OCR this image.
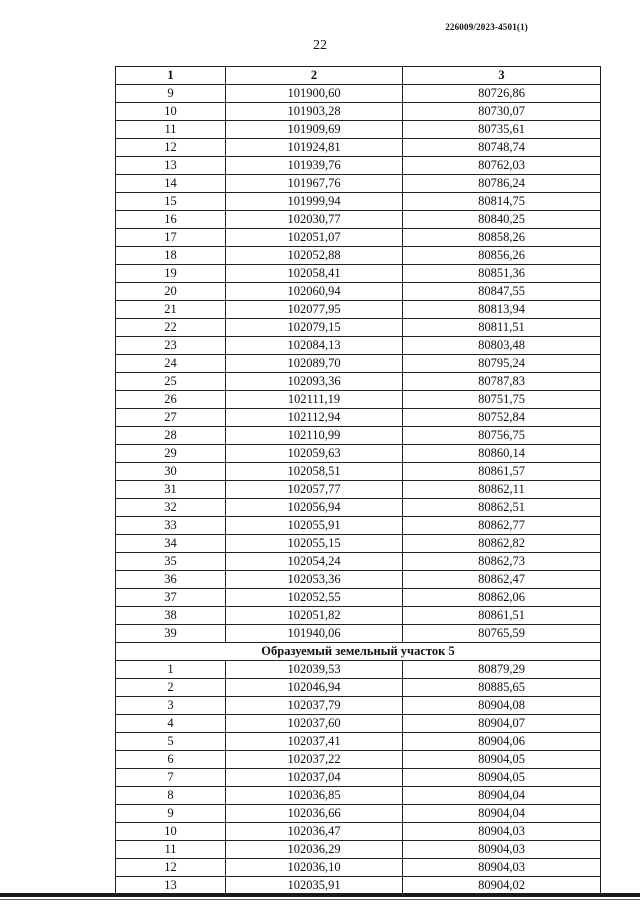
226009/2023-4501(1)
22
1	2	3
9	101900,60	80726,86
10	101903,28	80730,07
11	101909,69	80735,61
12	101924,81	80748,74
13	101939,76	80762,03
14	101967,76	80786,24
15	101999,94	80814,75
16	102030,77	80840,25
17	102051,07	80858,26
18	102052,88	80856,26
19	102058,41	80851,36
20	102060,94	80847,55
21	102077,95	80813,94
22	102079,15	80811,51
23	102084,13	80803,48
24	102089,70	80795,24
25	102093,36	80787,83
26	102111,19	80751,75
27	102112,94	80752,84
28	102110,99	80756,75
29	102059,63	80860,14
30	102058,51	80861,57
31	102057,77	80862,11
32	102056,94	80862,51
33	102055,91	80862,77
34	102055,15	80862,82
35	102054,24	80862,73
36	102053,36	80862,47
37	102052,55	80862,06
38	102051,82	80861,51
39	101940,06	80765,59
Образуемый земельный участок 5		
1	102039,53	80879,29
2	102046,94	80885,65
3	102037,79	80904,08
4	102037,60	80904,07
5	102037,41	80904,06
6	102037,22	80904,05
7	102037,04	80904,05
8	102036,85	80904,04
9	102036,66	80904,04
10	102036,47	80904,03
11	102036,29	80904,03
12	102036,10	80904,03
13	102035,91	80904,02
